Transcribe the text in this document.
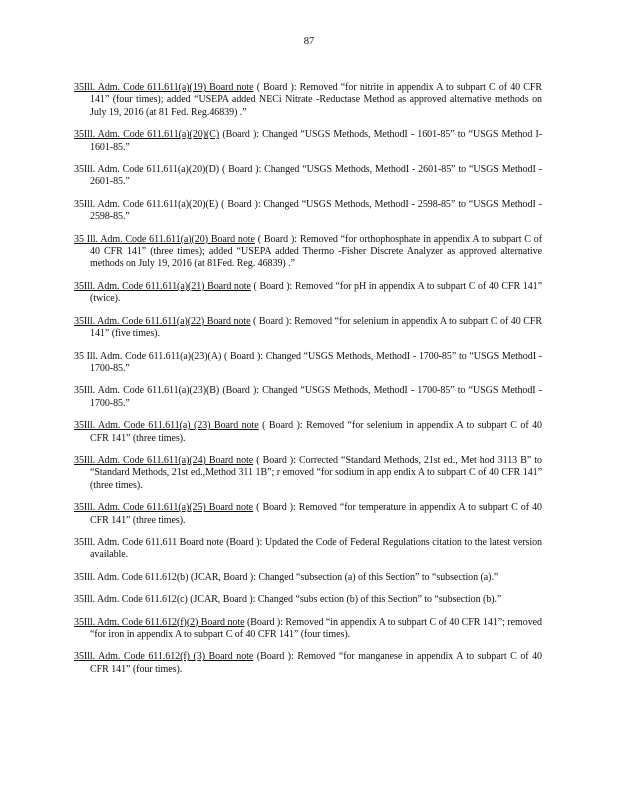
87

35Ill. Adm. Code 611.611(a)(19) Board note ( Board ): Removed “for nitrite in appendix A to subpart C of 40 CFR 141” (four times); added “USEPA added NECi Nitrate -Reductase Method as approved alternative methods on July 19, 2016 (at 81 Fed. Reg.46839) .”

35Ill. Adm. Code 611.611(a)(20)(C) (Board ): Changed “USGS Methods, MethodI - 1601-85” to “USGS Method I-1601-85.”

35Ill. Adm. Code 611.611(a)(20)(D) ( Board ): Changed “USGS Methods, MethodI - 2601-85” to “USGS MethodI - 2601-85.”

35Ill. Adm. Code 611.611(a)(20)(E) ( Board ): Changed “USGS Methods, MethodI - 2598-85” to “USGS MethodI - 2598-85.”

35 Ill. Adm. Code 611.611(a)(20) Board note ( Board ): Removed “for orthophosphate in appendix A to subpart C of 40 CFR 141” (three times); added “USEPA added Thermo -Fisher Discrete Analyzer as approved alternative methods on July 19, 2016 (at 81Fed. Reg. 46839) .”

35Ill. Adm. Code 611.611(a)(21) Board note ( Board ): Removed “for pH in appendix A to subpart C of 40 CFR 141” (twice).

35Ill. Adm. Code 611.611(a)(22) Board note ( Board ): Removed “for selenium in appendix A to subpart C of 40 CFR 141” (five times).

35 Ill. Adm. Code 611.611(a)(23)(A) ( Board ): Changed “USGS Methods, MethodI - 1700-85” to “USGS MethodI - 1700-85.”

35Ill. Adm. Code 611.611(a)(23)(B) (Board ): Changed “USGS Methods, MethodI - 1700-85” to “USGS MethodI - 1700-85.”

35Ill. Adm. Code 611.611(a) (23) Board note ( Board ): Removed “for selenium in appendix A to subpart C of 40 CFR 141” (three times).

35Ill. Adm. Code 611.611(a)(24) Board note ( Board ): Corrected “Standard Methods, 21st ed., Met hod 3113 B” to “Standard Methods, 21st ed.,Method 311 1B”; r emoved “for sodium in app endix A to subpart C of 40 CFR 141” (three times).

35Ill. Adm. Code 611.611(a)(25) Board note ( Board ): Removed “for temperature in appendix A to subpart C of 40 CFR 141” (three times).

35Ill. Adm. Code 611.611 Board note (Board ): Updated the Code of Federal Regulations citation to the latest version available.

35Ill. Adm. Code 611.612(b) (JCAR, Board ): Changed “subsection (a) of this Section” to “subsection (a).”

35Ill. Adm. Code 611.612(c) (JCAR, Board ): Changed “subs ection (b) of this Section” to “subsection (b).”

35Ill. Adm. Code 611.612(f)(2) Board note (Board ): Removed “in appendix A to subpart C of 40 CFR 141”; removed “for iron in appendix A to subpart C of 40 CFR 141” (four times).

35Ill. Adm. Code 611.612(f) (3) Board note (Board ): Removed “for manganese in appendix A to subpart C of 40 CFR 141” (four times).
